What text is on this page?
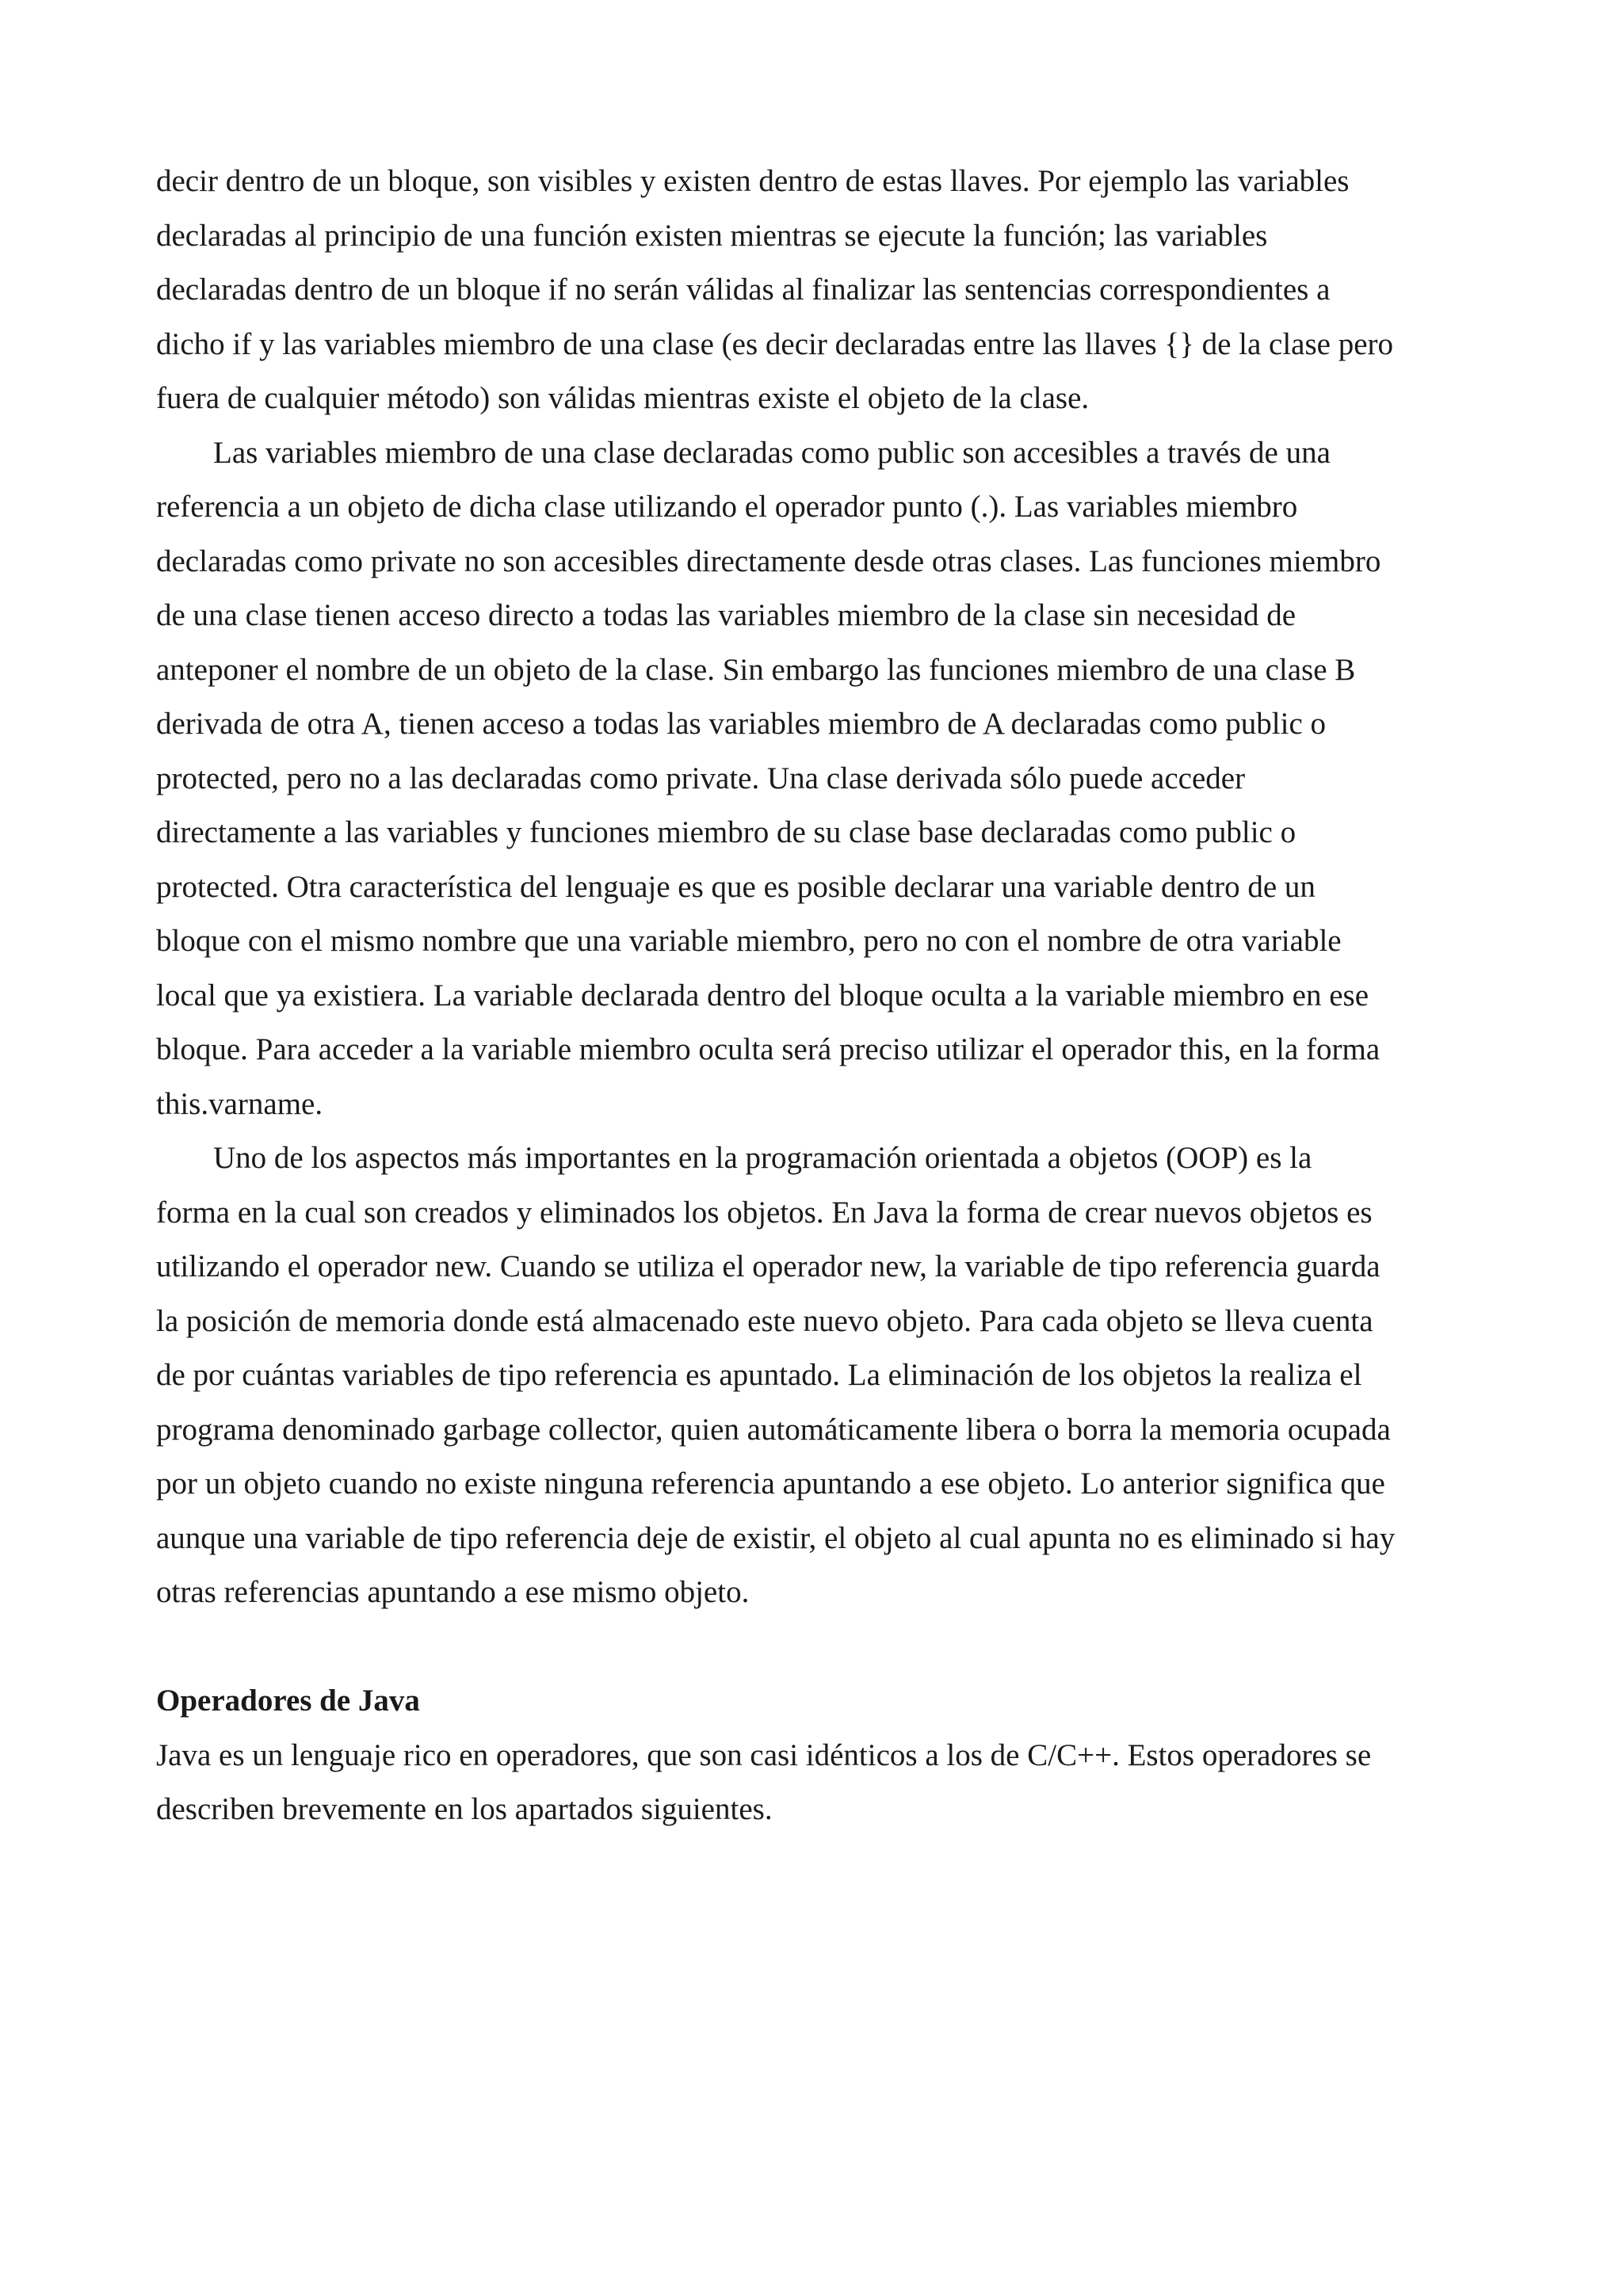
decir dentro de un bloque, son visibles y existen dentro de estas llaves. Por ejemplo las variables
declaradas al principio de una función existen mientras se ejecute la función; las variables
declaradas dentro de un bloque if no serán válidas al finalizar las sentencias correspondientes a
dicho if y las variables miembro de una clase (es decir declaradas entre las llaves {} de la clase pero
fuera de cualquier método) son válidas mientras existe el objeto de la clase.

Las variables miembro de una clase declaradas como public son accesibles a través de una
referencia a un objeto de dicha clase utilizando el operador punto (.). Las variables miembro
declaradas como private no son accesibles directamente desde otras clases. Las funciones miembro
de una clase tienen acceso directo a todas las variables miembro de la clase sin necesidad de
anteponer el nombre de un objeto de la clase. Sin embargo las funciones miembro de una clase B
derivada de otra A, tienen acceso a todas las variables miembro de A declaradas como public o
protected, pero no a las declaradas como private. Una clase derivada sólo puede acceder
directamente a las variables y funciones miembro de su clase base declaradas como public o
protected. Otra característica del lenguaje es que es posible declarar una variable dentro de un
bloque con el mismo nombre que una variable miembro, pero no con el nombre de otra variable
local que ya existiera. La variable declarada dentro del bloque oculta a la variable miembro en ese
bloque. Para acceder a la variable miembro oculta será preciso utilizar el operador this, en la forma
this.varname.

Uno de los aspectos más importantes en la programación orientada a objetos (OOP) es la
forma en la cual son creados y eliminados los objetos. En Java la forma de crear nuevos objetos es
utilizando el operador new. Cuando se utiliza el operador new, la variable de tipo referencia guarda
la posición de memoria donde está almacenado este nuevo objeto. Para cada objeto se lleva cuenta
de por cuántas variables de tipo referencia es apuntado. La eliminación de los objetos la realiza el
programa denominado garbage collector, quien automáticamente libera o borra la memoria ocupada
por un objeto cuando no existe ninguna referencia apuntando a ese objeto. Lo anterior significa que
aunque una variable de tipo referencia deje de existir, el objeto al cual apunta no es eliminado si hay
otras referencias apuntando a ese mismo objeto.

Operadores de Java

Java es un lenguaje rico en operadores, que son casi idénticos a los de C/C++. Estos operadores se
describen brevemente en los apartados siguientes.
